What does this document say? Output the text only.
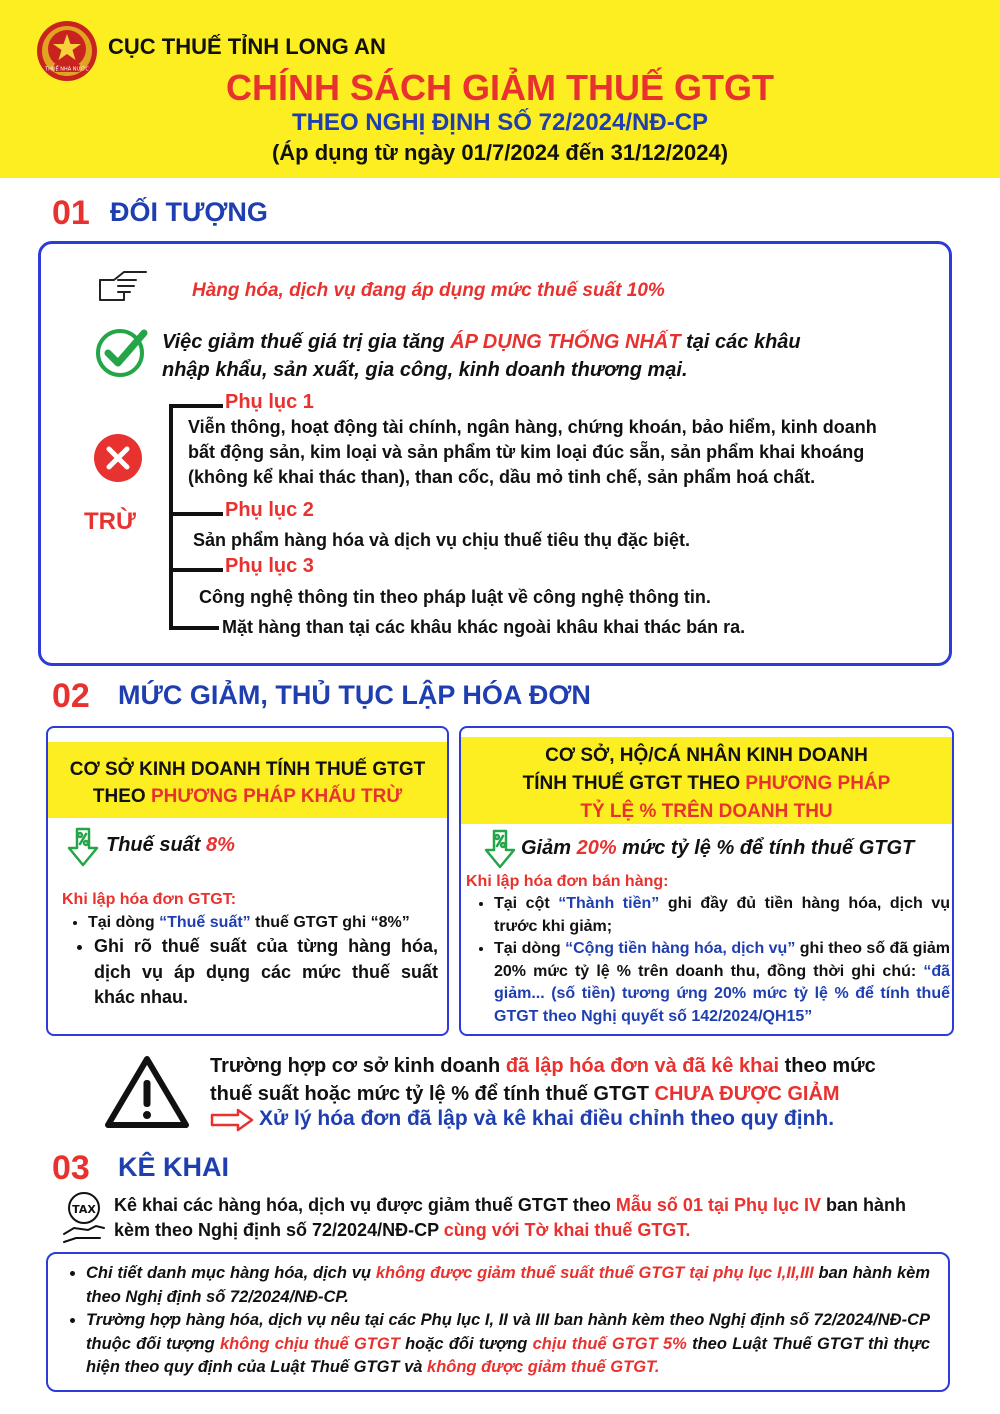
THUẾ NHÀ NƯỚC
CỤC THUẾ TỈNH LONG AN
CHÍNH SÁCH GIẢM THUẾ GTGT
THEO NGHỊ ĐỊNH SỐ 72/2024/NĐ-CP
(Áp dụng từ ngày 01/7/2024 đến 31/12/2024)
01 ĐỐI TƯỢNG
Hàng hóa, dịch vụ đang áp dụng mức thuế suất 10%
Việc giảm thuế giá trị gia tăng ÁP DỤNG THỐNG NHẤT tại các khâu
nhập khẩu, sản xuất, gia công, kinh doanh thương mại.
TRỪ
Phụ lục 1
Viễn thông, hoạt động tài chính, ngân hàng, chứng khoán, bảo hiểm, kinh doanh
bất động sản, kim loại và sản phẩm từ kim loại đúc sẵn, sản phẩm khai khoáng
(không kể khai thác than), than cốc, dầu mỏ tinh chế, sản phẩm hoá chất.
Phụ lục 2
Sản phẩm hàng hóa và dịch vụ chịu thuế tiêu thụ đặc biệt.
Phụ lục 3
Công nghệ thông tin theo pháp luật về công nghệ thông tin.
Mặt hàng than tại các khâu khác ngoài khâu khai thác bán ra.
02 MỨC GIẢM, THỦ TỤC LẬP HÓA ĐƠN
CƠ SỞ KINH DOANH TÍNH THUẾ GTGT
THEO PHƯƠNG PHÁP KHẤU TRỪ
Thuế suất 8%
Khi lập hóa đơn GTGT:
• Tại dòng “Thuế suất” thuế GTGT ghi “8%”
• Ghi rõ thuế suất của từng hàng hóa, dịch vụ áp dụng các mức thuế suất khác nhau.
CƠ SỞ, HỘ/CÁ NHÂN KINH DOANH
TÍNH THUẾ GTGT THEO PHƯƠNG PHÁP
TỶ LỆ % TRÊN DOANH THU
Giảm 20% mức tỷ lệ % để tính thuế GTGT
Khi lập hóa đơn bán hàng:
• Tại cột “Thành tiền” ghi đầy đủ tiền hàng hóa, dịch vụ trước khi giảm;
• Tại dòng “Cộng tiền hàng hóa, dịch vụ” ghi theo số đã giảm 20% mức tỷ lệ % trên doanh thu, đồng thời ghi chú: “đã giảm... (số tiền) tương ứng 20% mức tỷ lệ % để tính thuế GTGT theo Nghị quyết số 142/2024/QH15”
Trường hợp cơ sở kinh doanh đã lập hóa đơn và đã kê khai theo mức
thuế suất hoặc mức tỷ lệ % để tính thuế GTGT CHƯA ĐƯỢC GIẢM
Xử lý hóa đơn đã lập và kê khai điều chỉnh theo quy định.
03 KÊ KHAI
TAX Kê khai các hàng hóa, dịch vụ được giảm thuế GTGT theo Mẫu số 01 tại Phụ lục IV ban hành
kèm theo Nghị định số 72/2024/NĐ-CP cùng với Tờ khai thuế GTGT.
• Chi tiết danh mục hàng hóa, dịch vụ không được giảm thuế suất thuế GTGT tại phụ lục I,II,III ban hành kèm theo Nghị định số 72/2024/NĐ-CP.
• Trường hợp hàng hóa, dịch vụ nêu tại các Phụ lục I, II và III ban hành kèm theo Nghị định số 72/2024/NĐ-CP thuộc đối tượng không chịu thuế GTGT hoặc đối tượng chịu thuế GTGT 5% theo Luật Thuế GTGT thì thực hiện theo quy định của Luật Thuế GTGT và không được giảm thuế GTGT.
